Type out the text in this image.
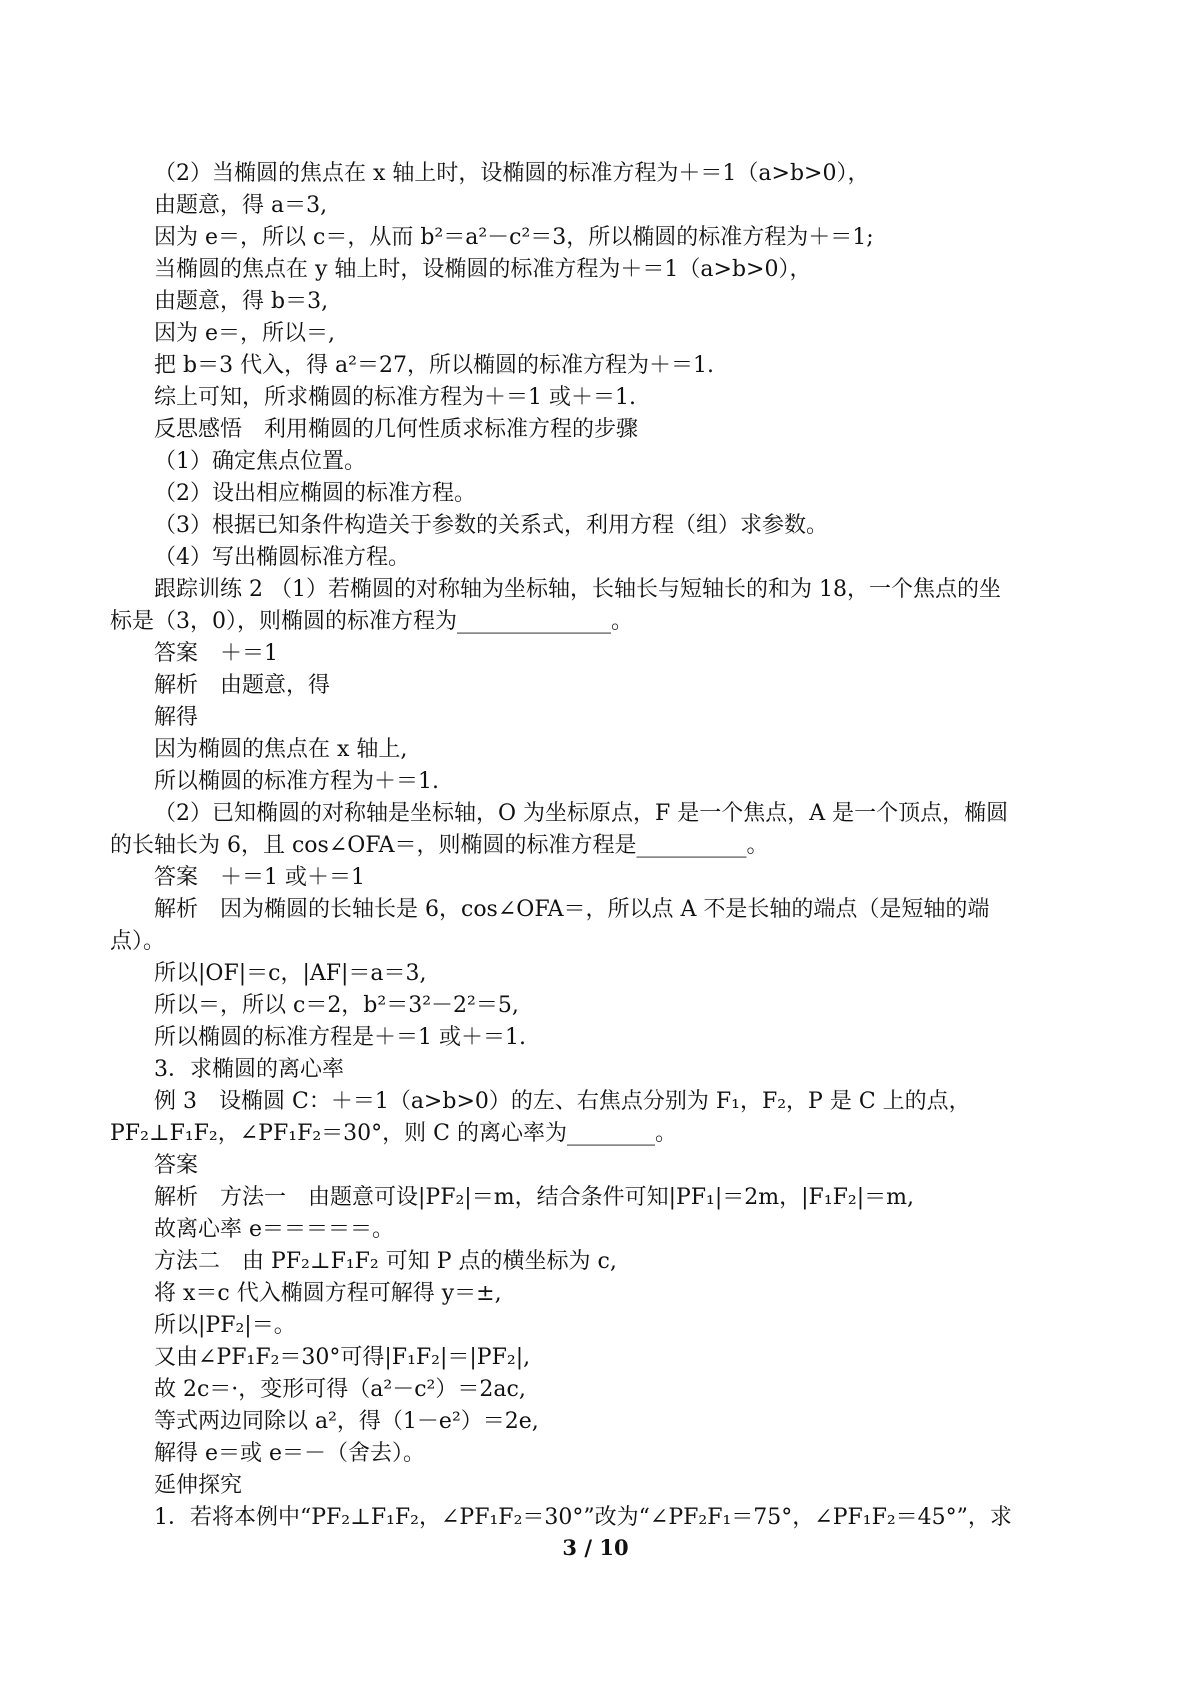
（2）当椭圆的焦点在 x 轴上时，设椭圆的标准方程为＋＝1（a>b>0），
由题意，得 a＝3,
因为 e＝，所以 c＝，从而 b²＝a²－c²＝3，所以椭圆的标准方程为＋＝1;
当椭圆的焦点在 y 轴上时，设椭圆的标准方程为＋＝1（a>b>0），
由题意，得 b＝3,
因为 e＝，所以＝,
把 b＝3 代入，得 a²＝27，所以椭圆的标准方程为＋＝1.
综上可知，所求椭圆的标准方程为＋＝1 或＋＝1.
反思感悟　利用椭圆的几何性质求标准方程的步骤
（1）确定焦点位置。
（2）设出相应椭圆的标准方程。
（3）根据已知条件构造关于参数的关系式，利用方程（组）求参数。
（4）写出椭圆标准方程。
跟踪训练 2 （1）若椭圆的对称轴为坐标轴，长轴长与短轴长的和为 18，一个焦点的坐
标是（3，0），则椭圆的标准方程为______________。
答案　＋＝1
解析　由题意，得
解得
因为椭圆的焦点在 x 轴上,
所以椭圆的标准方程为＋＝1.
（2）已知椭圆的对称轴是坐标轴，O 为坐标原点，F 是一个焦点，A 是一个顶点，椭圆
的长轴长为 6，且 cos∠OFA＝，则椭圆的标准方程是__________。
答案　＋＝1 或＋＝1
解析　因为椭圆的长轴长是 6，cos∠OFA＝，所以点 A 不是长轴的端点（是短轴的端
点）。
所以|OF|＝c，|AF|＝a＝3,
所以＝，所以 c＝2，b²＝3²－2²＝5,
所以椭圆的标准方程是＋＝1 或＋＝1.
3．求椭圆的离心率
例 3　设椭圆 C：＋＝1（a>b>0）的左、右焦点分别为 F₁，F₂，P 是 C 上的点，
PF₂⊥F₁F₂，∠PF₁F₂＝30°，则 C 的离心率为________。
答案
解析　方法一　由题意可设|PF₂|＝m，结合条件可知|PF₁|＝2m，|F₁F₂|＝m,
故离心率 e＝＝＝＝＝。
方法二　由 PF₂⊥F₁F₂ 可知 P 点的横坐标为 c,
将 x＝c 代入椭圆方程可解得 y＝±,
所以|PF₂|＝。
又由∠PF₁F₂＝30°可得|F₁F₂|＝|PF₂|,
故 2c＝·，变形可得（a²－c²）＝2ac,
等式两边同除以 a²，得（1－e²）＝2e,
解得 e＝或 e＝－（舍去）。
延伸探究
1．若将本例中“PF₂⊥F₁F₂，∠PF₁F₂＝30°”改为“∠PF₂F₁＝75°，∠PF₁F₂＝45°”，求
3 / 10
